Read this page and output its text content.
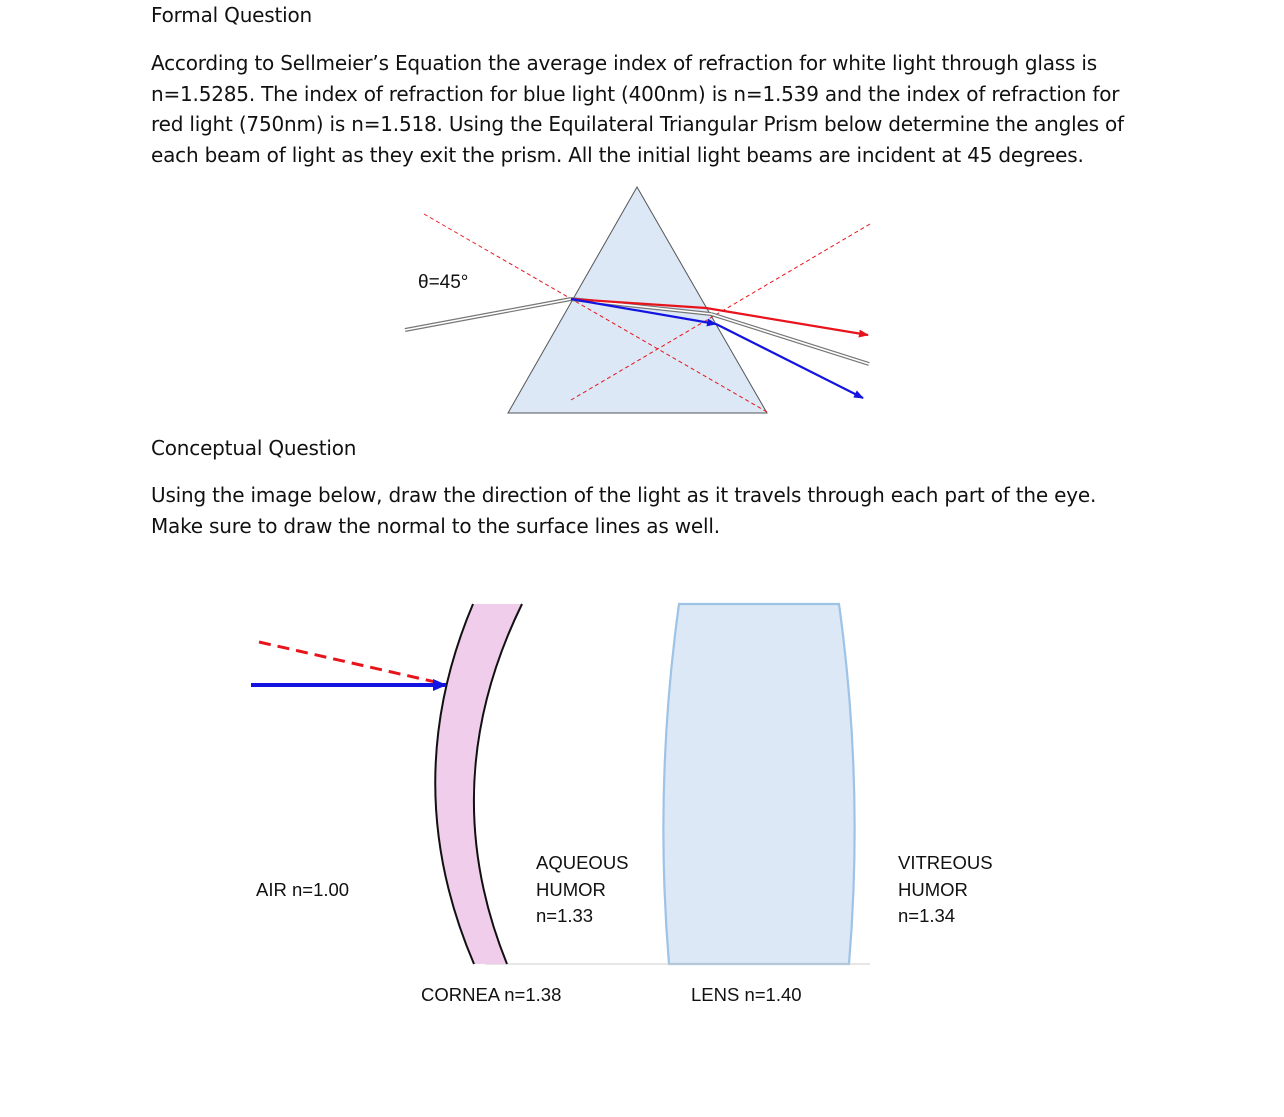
Formal Question

According to Sellmeier’s Equation the average index of refraction for white light through glass is
n=1.5285. The index of refraction for blue light (400nm) is n=1.539 and the index of refraction for
red light (750nm) is n=1.518. Using the Equilateral Triangular Prism below determine the angles of
each beam of light as they exit the prism. All the initial light beams are incident at 45 degrees.

Conceptual Question

Using the image below, draw the direction of the light as it travels through each part of the eye.
Make sure to draw the normal to the surface lines as well.

θ=45°
AIR n=1.00
AQUEOUS
HUMOR
n=1.33
VITREOUS
HUMOR
n=1.34
CORNEA n=1.38	LENS n=1.40
